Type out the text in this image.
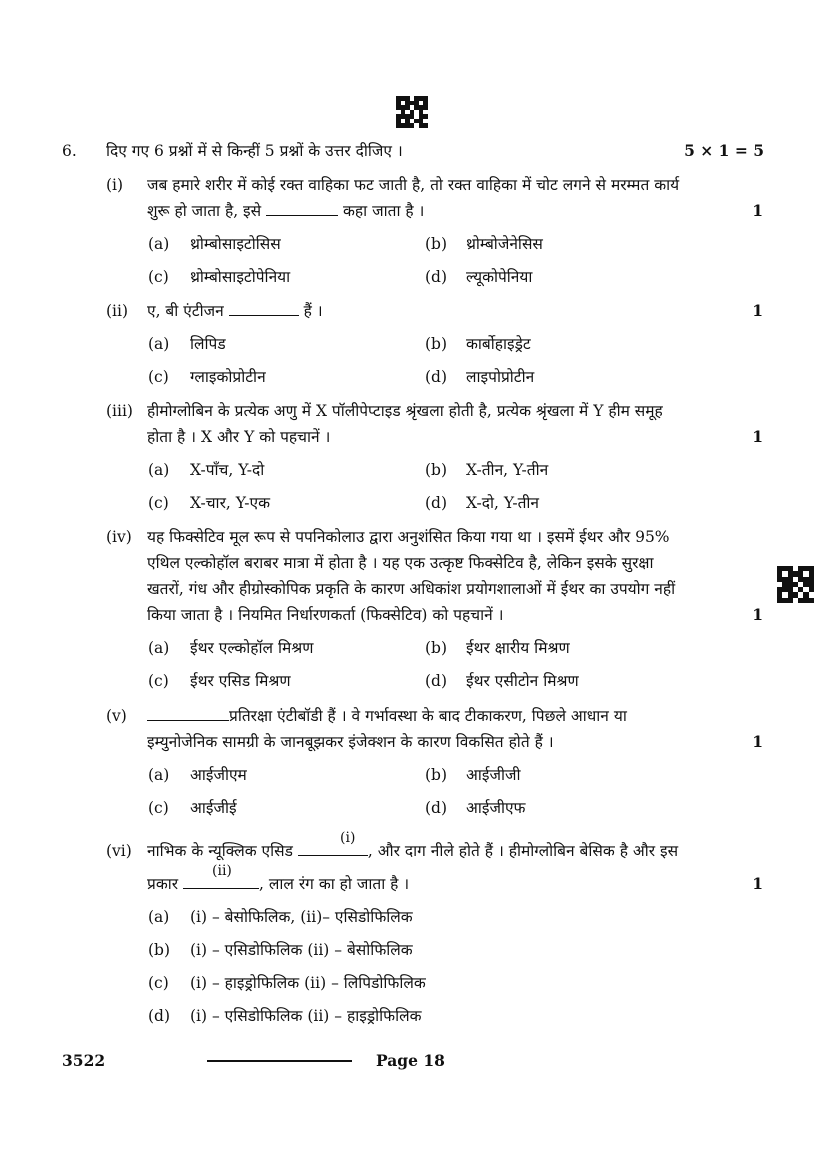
6. दिए गए 6 प्रश्नों में से किन्हीं 5 प्रश्नों के उत्तर दीजिए ।	5 × 1 = 5
(i) जब हमारे शरीर में कोई रक्त वाहिका फट जाती है, तो रक्त वाहिका में चोट लगने से मरम्मत कार्य
शुरू हो जाता है, इसे	कहा जाता है ।	1
(a) थ्रोम्बोसाइटोसिस	(b) थ्रोम्बोजेनेसिस
(c) थ्रोम्बोसाइटोपेनिया	(d) ल्यूकोपेनिया
(ii) ए, बी एंटीजन	हैं ।	1
(a) लिपिड	(b) कार्बोहाइड्रेट
(c) ग्लाइकोप्रोटीन	(d) लाइपोप्रोटीन
(iii) हीमोग्लोबिन के प्रत्येक अणु में X पॉलीपेप्टाइड श्रृंखला होती है, प्रत्येक श्रृंखला में Y हीम समूह
होता है । X और Y को पहचानें ।	1
(a) X-पाँच, Y-दो	(b) X-तीन, Y-तीन
(c) X-चार, Y-एक	(d) X-दो, Y-तीन
(iv) यह फिक्सेटिव मूल रूप से पपनिकोलाउ द्वारा अनुशंसित किया गया था । इसमें ईथर और 95%
एथिल एल्कोहॉल बराबर मात्रा में होता है । यह एक उत्कृष्ट फिक्सेटिव है, लेकिन इसके सुरक्षा
खतरों, गंध और हीग्रोस्कोपिक प्रकृति के कारण अधिकांश प्रयोगशालाओं में ईथर का उपयोग नहीं
किया जाता है । नियमित निर्धारणकर्ता (फिक्सेटिव) को पहचानें ।	1
(a) ईथर एल्कोहॉल मिश्रण	(b) ईथर क्षारीय मिश्रण
(c) ईथर एसिड मिश्रण	(d) ईथर एसीटोन मिश्रण
(v)	प्रतिरक्षा एंटीबॉडी हैं । वे गर्भावस्था के बाद टीकाकरण, पिछले आधान या
इम्युनोजेनिक सामग्री के जानबूझकर इंजेक्शन के कारण विकसित होते हैं ।	1
(a) आईजीएम	(b) आईजीजी
(c) आईजीई	(d) आईजीएफ
(vi) नाभिक के न्यूक्लिक एसिड	, और दाग नीले होते हैं । हीमोग्लोबिन बेसिक है और इस
(i)
प्रकार	, लाल रंग का हो जाता है ।
(ii)
1
(a) (i) – बेसोफिलिक, (ii)– एसिडोफिलिक
(b) (i) – एसिडोफिलिक (ii) – बेसोफिलिक
(c) (i) – हाइड्रोफिलिक (ii) – लिपिडोफिलिक
(d) (i) – एसिडोफिलिक (ii) – हाइड्रोफिलिक
3522	Page 18
